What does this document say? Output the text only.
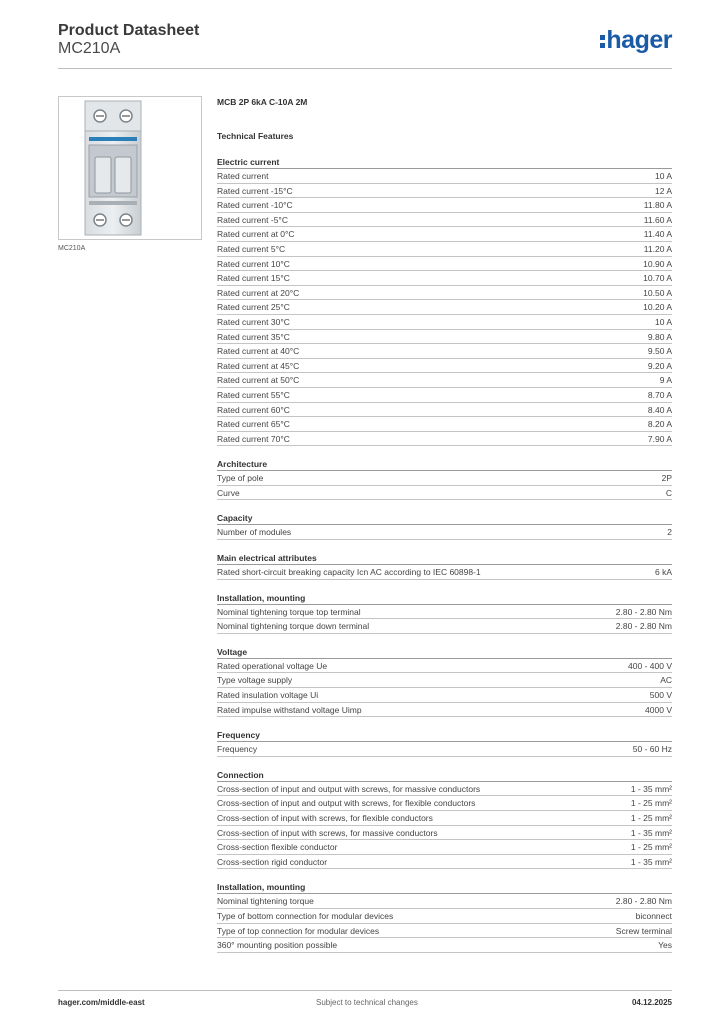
Product Datasheet
MC210A	hager
MC210A
MCB 2P 6kA C-10A 2M
Technical Features
Electric current
Rated current	10 A
Rated current -15°C	12 A
Rated current -10°C	11.80 A
Rated current -5°C	11.60 A
Rated current at 0°C	11.40 A
Rated current 5°C	11.20 A
Rated current 10°C	10.90 A
Rated current 15°C	10.70 A
Rated current at 20°C	10.50 A
Rated current 25°C	10.20 A
Rated current 30°C	10 A
Rated current 35°C	9.80 A
Rated current at 40°C	9.50 A
Rated current at 45°C	9.20 A
Rated current at 50°C	9 A
Rated current 55°C	8.70 A
Rated current 60°C	8.40 A
Rated current 65°C	8.20 A
Rated current 70°C	7.90 A
Architecture
Type of pole	2P
Curve	C
Capacity
Number of modules	2
Main electrical attributes
Rated short-circuit breaking capacity Icn AC according to IEC 60898-1	6 kA
Installation, mounting
Nominal tightening torque top terminal	2.80 - 2.80 Nm
Nominal tightening torque down terminal	2.80 - 2.80 Nm
Voltage
Rated operational voltage Ue	400 - 400 V
Type voltage supply	AC
Rated insulation voltage Ui	500 V
Rated impulse withstand voltage Uimp	4000 V
Frequency
Frequency	50 - 60 Hz
Connection
Cross-section of input and output with screws, for massive conductors	1 - 35 mm²
Cross-section of input and output with screws, for flexible conductors	1 - 25 mm²
Cross-section of input with screws, for flexible conductors	1 - 25 mm²
Cross-section of input with screws, for massive conductors	1 - 35 mm²
Cross-section flexible conductor	1 - 25 mm²
Cross-section rigid conductor	1 - 35 mm²
Installation, mounting
Nominal tightening torque	2.80 - 2.80 Nm
Type of bottom connection for modular devices	biconnect
Type of top connection for modular devices	Screw terminal
360° mounting position possible	Yes
hager.com/middle-east	Subject to technical changes	04.12.2025
